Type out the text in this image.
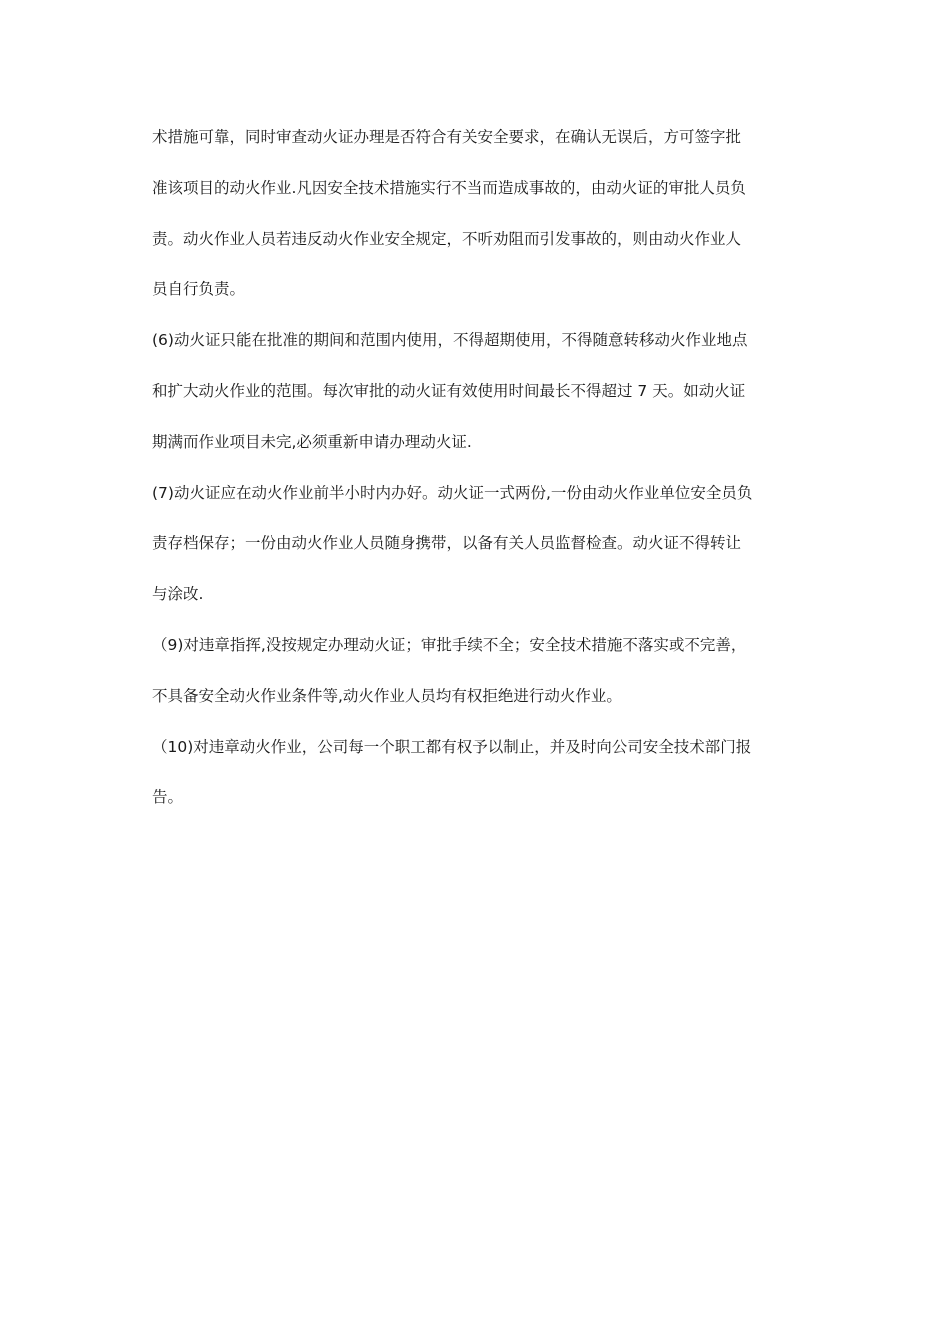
术措施可靠，同时审查动火证办理是否符合有关安全要求，在确认无误后，方可签字批
准该项目的动火作业.凡因安全技术措施实行不当而造成事故的，由动火证的审批人员负
责。动火作业人员若违反动火作业安全规定，不听劝阻而引发事故的，则由动火作业人
员自行负责。
(6)动火证只能在批准的期间和范围内使用，不得超期使用，不得随意转移动火作业地点
和扩大动火作业的范围。每次审批的动火证有效使用时间最长不得超过 7 天。如动火证
期满而作业项目未完,必须重新申请办理动火证.
(7)动火证应在动火作业前半小时内办好。动火证一式两份,一份由动火作业单位安全员负
责存档保存；一份由动火作业人员随身携带，以备有关人员监督检查。动火证不得转让
与涂改.
（9)对违章指挥,没按规定办理动火证；审批手续不全；安全技术措施不落实或不完善，
不具备安全动火作业条件等,动火作业人员均有权拒绝进行动火作业。
（10)对违章动火作业，公司每一个职工都有权予以制止，并及时向公司安全技术部门报
告。
